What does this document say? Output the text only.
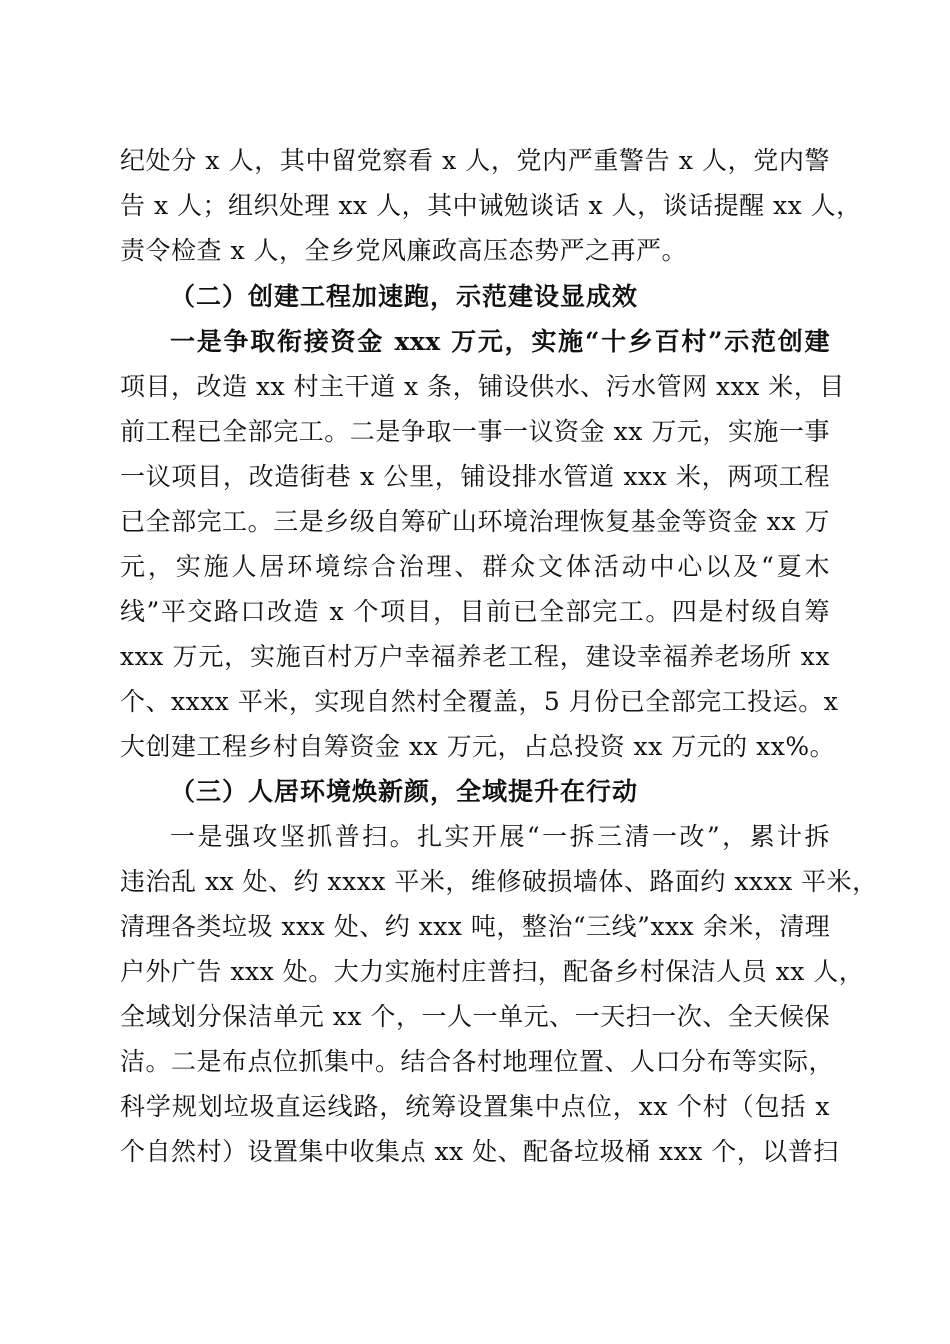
纪处分 x 人，其中留党察看 x 人，党内严重警告 x 人，党内警
告 x 人；组织处理 xx 人，其中诫勉谈话 x 人，谈话提醒 xx 人，
责令检查 x 人，全乡党风廉政高压态势严之再严。
（二）创建工程加速跑，示范建设显成效
一是争取衔接资金 xxx 万元，实施“十乡百村”示范创建
项目，改造 xx 村主干道 x 条，铺设供水、污水管网 xxx 米，目
前工程已全部完工。二是争取一事一议资金 xx 万元，实施一事
一议项目，改造街巷 x 公里，铺设排水管道 xxx 米，两项工程
已全部完工。三是乡级自筹矿山环境治理恢复基金等资金 xx 万
元，实施人居环境综合治理、群众文体活动中心以及“夏木
线”平交路口改造 x 个项目，目前已全部完工。四是村级自筹
xxx 万元，实施百村万户幸福养老工程，建设幸福养老场所 xx
个、xxxx 平米，实现自然村全覆盖，5 月份已全部完工投运。x
大创建工程乡村自筹资金 xx 万元，占总投资 xx 万元的 xx%。
（三）人居环境焕新颜，全域提升在行动
一是强攻坚抓普扫。扎实开展“一拆三清一改”，累计拆
违治乱 xx 处、约 xxxx 平米，维修破损墙体、路面约 xxxx 平米，
清理各类垃圾 xxx 处、约 xxx 吨，整治“三线”xxx 余米，清理
户外广告 xxx 处。大力实施村庄普扫，配备乡村保洁人员 xx 人，
全域划分保洁单元 xx 个，一人一单元、一天扫一次、全天候保
洁。二是布点位抓集中。结合各村地理位置、人口分布等实际，
科学规划垃圾直运线路，统筹设置集中点位，xx 个村（包括 x
个自然村）设置集中收集点 xx 处、配备垃圾桶 xxx 个，以普扫
